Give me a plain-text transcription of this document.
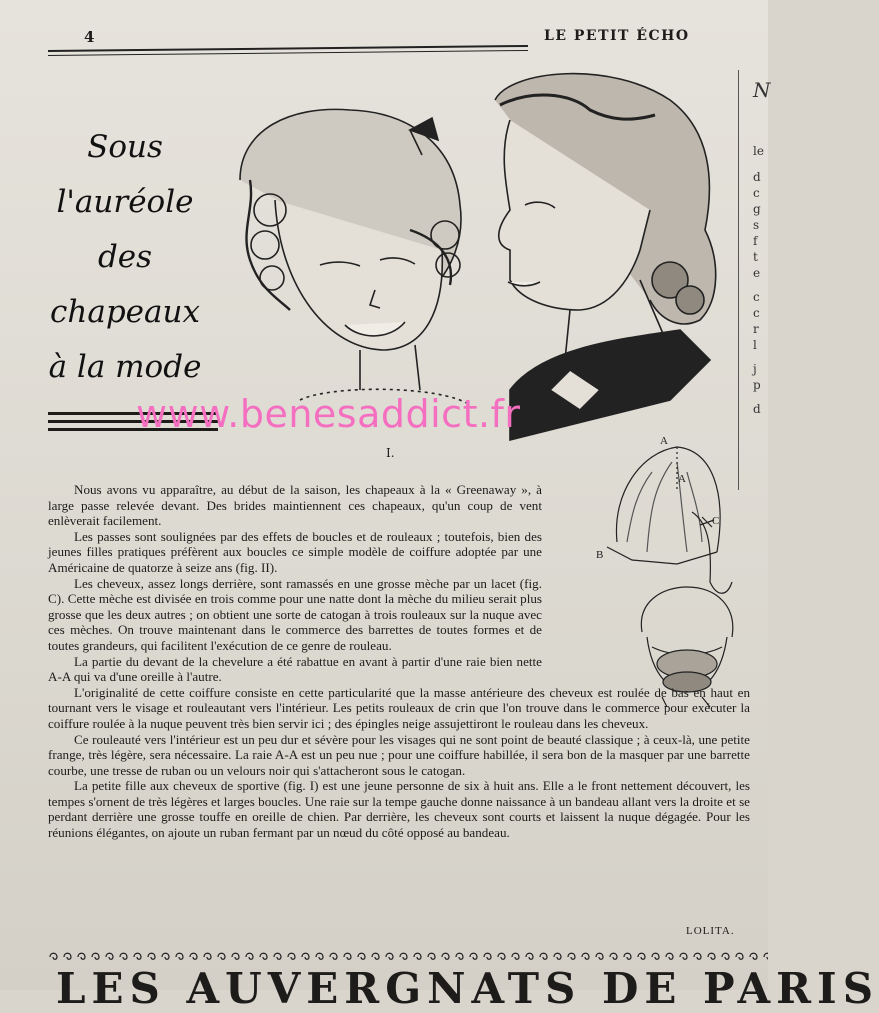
4	LE PETIT ÉCHO
Sous
l'auréole
des
chapeaux
à la mode
I.
A
A
B
C
www.benesaddict.fr
N
le
d
c
g
s
f
t
e
c
c
r
l
j
p
d

Nous avons vu apparaître, au début de la saison, les chapeaux à la « Greenaway », à large passe relevée devant. Des brides maintiennent ces chapeaux, qu'un coup de vent enlèverait facilement.

Les passes sont soulignées par des effets de boucles et de rouleaux ; toutefois, bien des jeunes filles pratiques préfèrent aux boucles ce simple modèle de coiffure adoptée par une Américaine de quatorze à seize ans (fig. II).

Les cheveux, assez longs derrière, sont ramassés en une grosse mèche par un lacet (fig. C). Cette mèche est divisée en trois comme pour une natte dont la mèche du milieu serait plus grosse que les deux autres ; on obtient une sorte de catogan à trois rouleaux sur la nuque avec ces mèches. On trouve maintenant dans le commerce des barrettes de toutes formes et de toutes grandeurs, qui facilitent l'exécution de ce genre de rouleau.

La partie du devant de la chevelure a été rabattue en avant à partir d'une raie bien nette A-A qui va d'une oreille à l'autre.

L'originalité de cette coiffure consiste en cette particularité que la masse antérieure des cheveux est roulée de bas en haut en tournant vers le visage et rouleautant vers l'intérieur. Les petits rouleaux de crin que l'on trouve dans le commerce pour exécuter la coiffure roulée à la nuque peuvent très bien servir ici ; des épingles neige assujettiront le rouleau dans les cheveux.

Ce rouleauté vers l'intérieur est un peu dur et sévère pour les visages qui ne sont point de beauté classique ; à ceux-là, une petite frange, très légère, sera nécessaire. La raie A-A est un peu nue ; pour une coiffure habillée, il sera bon de la masquer par une barrette courbe, une tresse de ruban ou un velours noir qui s'attacheront sous le catogan.

La petite fille aux cheveux de sportive (fig. I) est une jeune personne de six à huit ans. Elle a le front nettement découvert, les tempes s'ornent de très légères et larges boucles. Une raie sur la tempe gauche donne naissance à un bandeau allant vers la droite et se perdant derrière une grosse touffe en oreille de chien. Par derrière, les cheveux sont courts et laissent la nuque dégagée. Pour les réunions élégantes, on ajoute un ruban fermant par un nœud du côté opposé au bandeau.

LOLITA.
LES AUVERGNATS DE PARIS
